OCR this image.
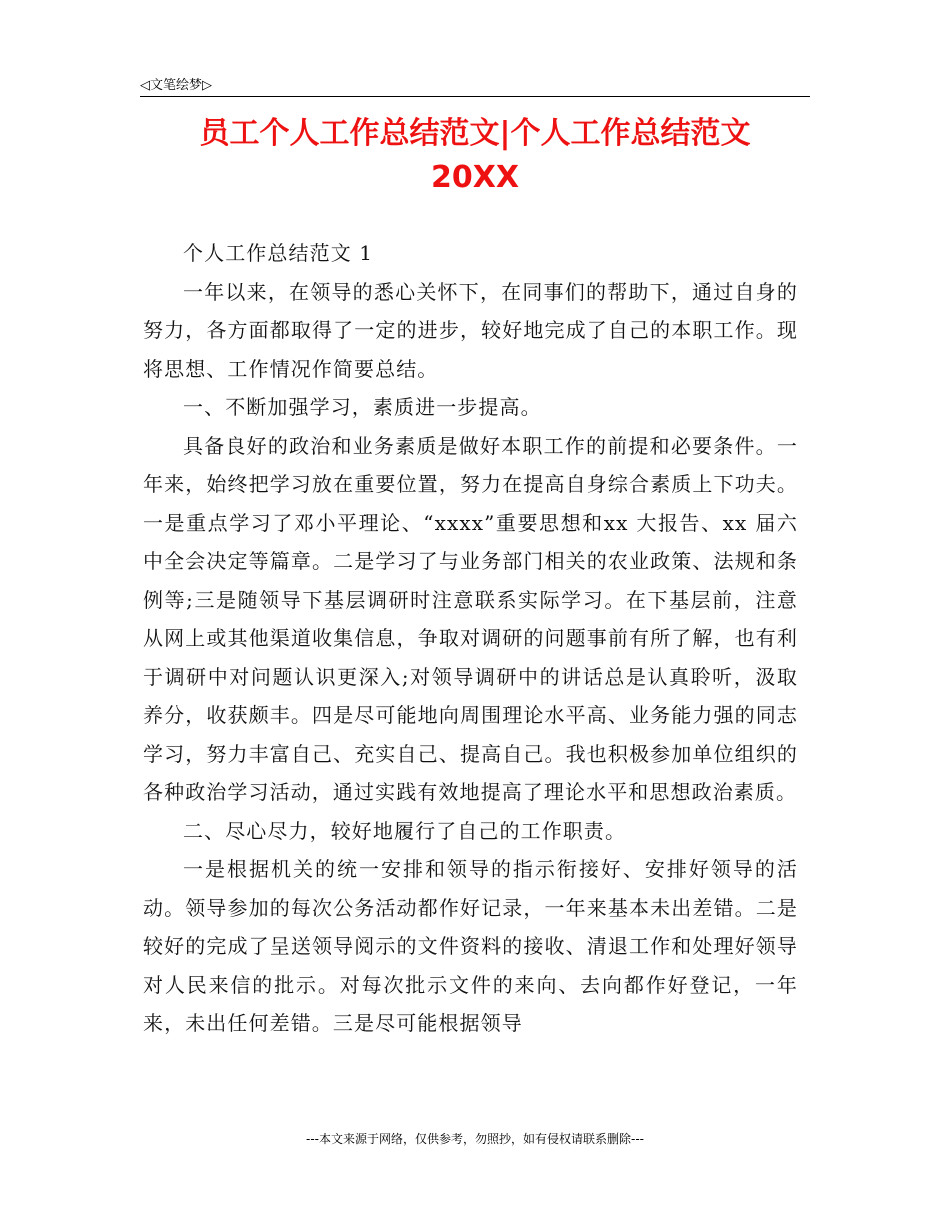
◁文笔绘梦▷
员工个人工作总结范文|个人工作总结范文
20XX

个人工作总结范文 1

一年以来，在领导的悉心关怀下，在同事们的帮助下，通过自身的努力，各方面都取得了一定的进步，较好地完成了自己的本职工作。现将思想、工作情况作简要总结。

一、不断加强学习，素质进一步提高。

具备良好的政治和业务素质是做好本职工作的前提和必要条件。一年来，始终把学习放在重要位置，努力在提高自身综合素质上下功夫。一是重点学习了邓小平理论、“xxxx”重要思想和xx 大报告、xx 届六中全会决定等篇章。二是学习了与业务部门相关的农业政策、法规和条例等;三是随领导下基层调研时注意联系实际学习。在下基层前，注意从网上或其他渠道收集信息，争取对调研的问题事前有所了解，也有利于调研中对问题认识更深入;对领导调研中的讲话总是认真聆听，汲取养分，收获颇丰。四是尽可能地向周围理论水平高、业务能力强的同志学习，努力丰富自己、充实自己、提高自己。我也积极参加单位组织的各种政治学习活动，通过实践有效地提高了理论水平和思想政治素质。

二、尽心尽力，较好地履行了自己的工作职责。

一是根据机关的统一安排和领导的指示衔接好、安排好领导的活动。领导参加的每次公务活动都作好记录，一年来基本未出差错。二是较好的完成了呈送领导阅示的文件资料的接收、清退工作和处理好领导对人民来信的批示。对每次批示文件的来向、去向都作好登记，一年来，未出任何差错。三是尽可能根据领导

---本文来源于网络，仅供参考，勿照抄，如有侵权请联系删除---
